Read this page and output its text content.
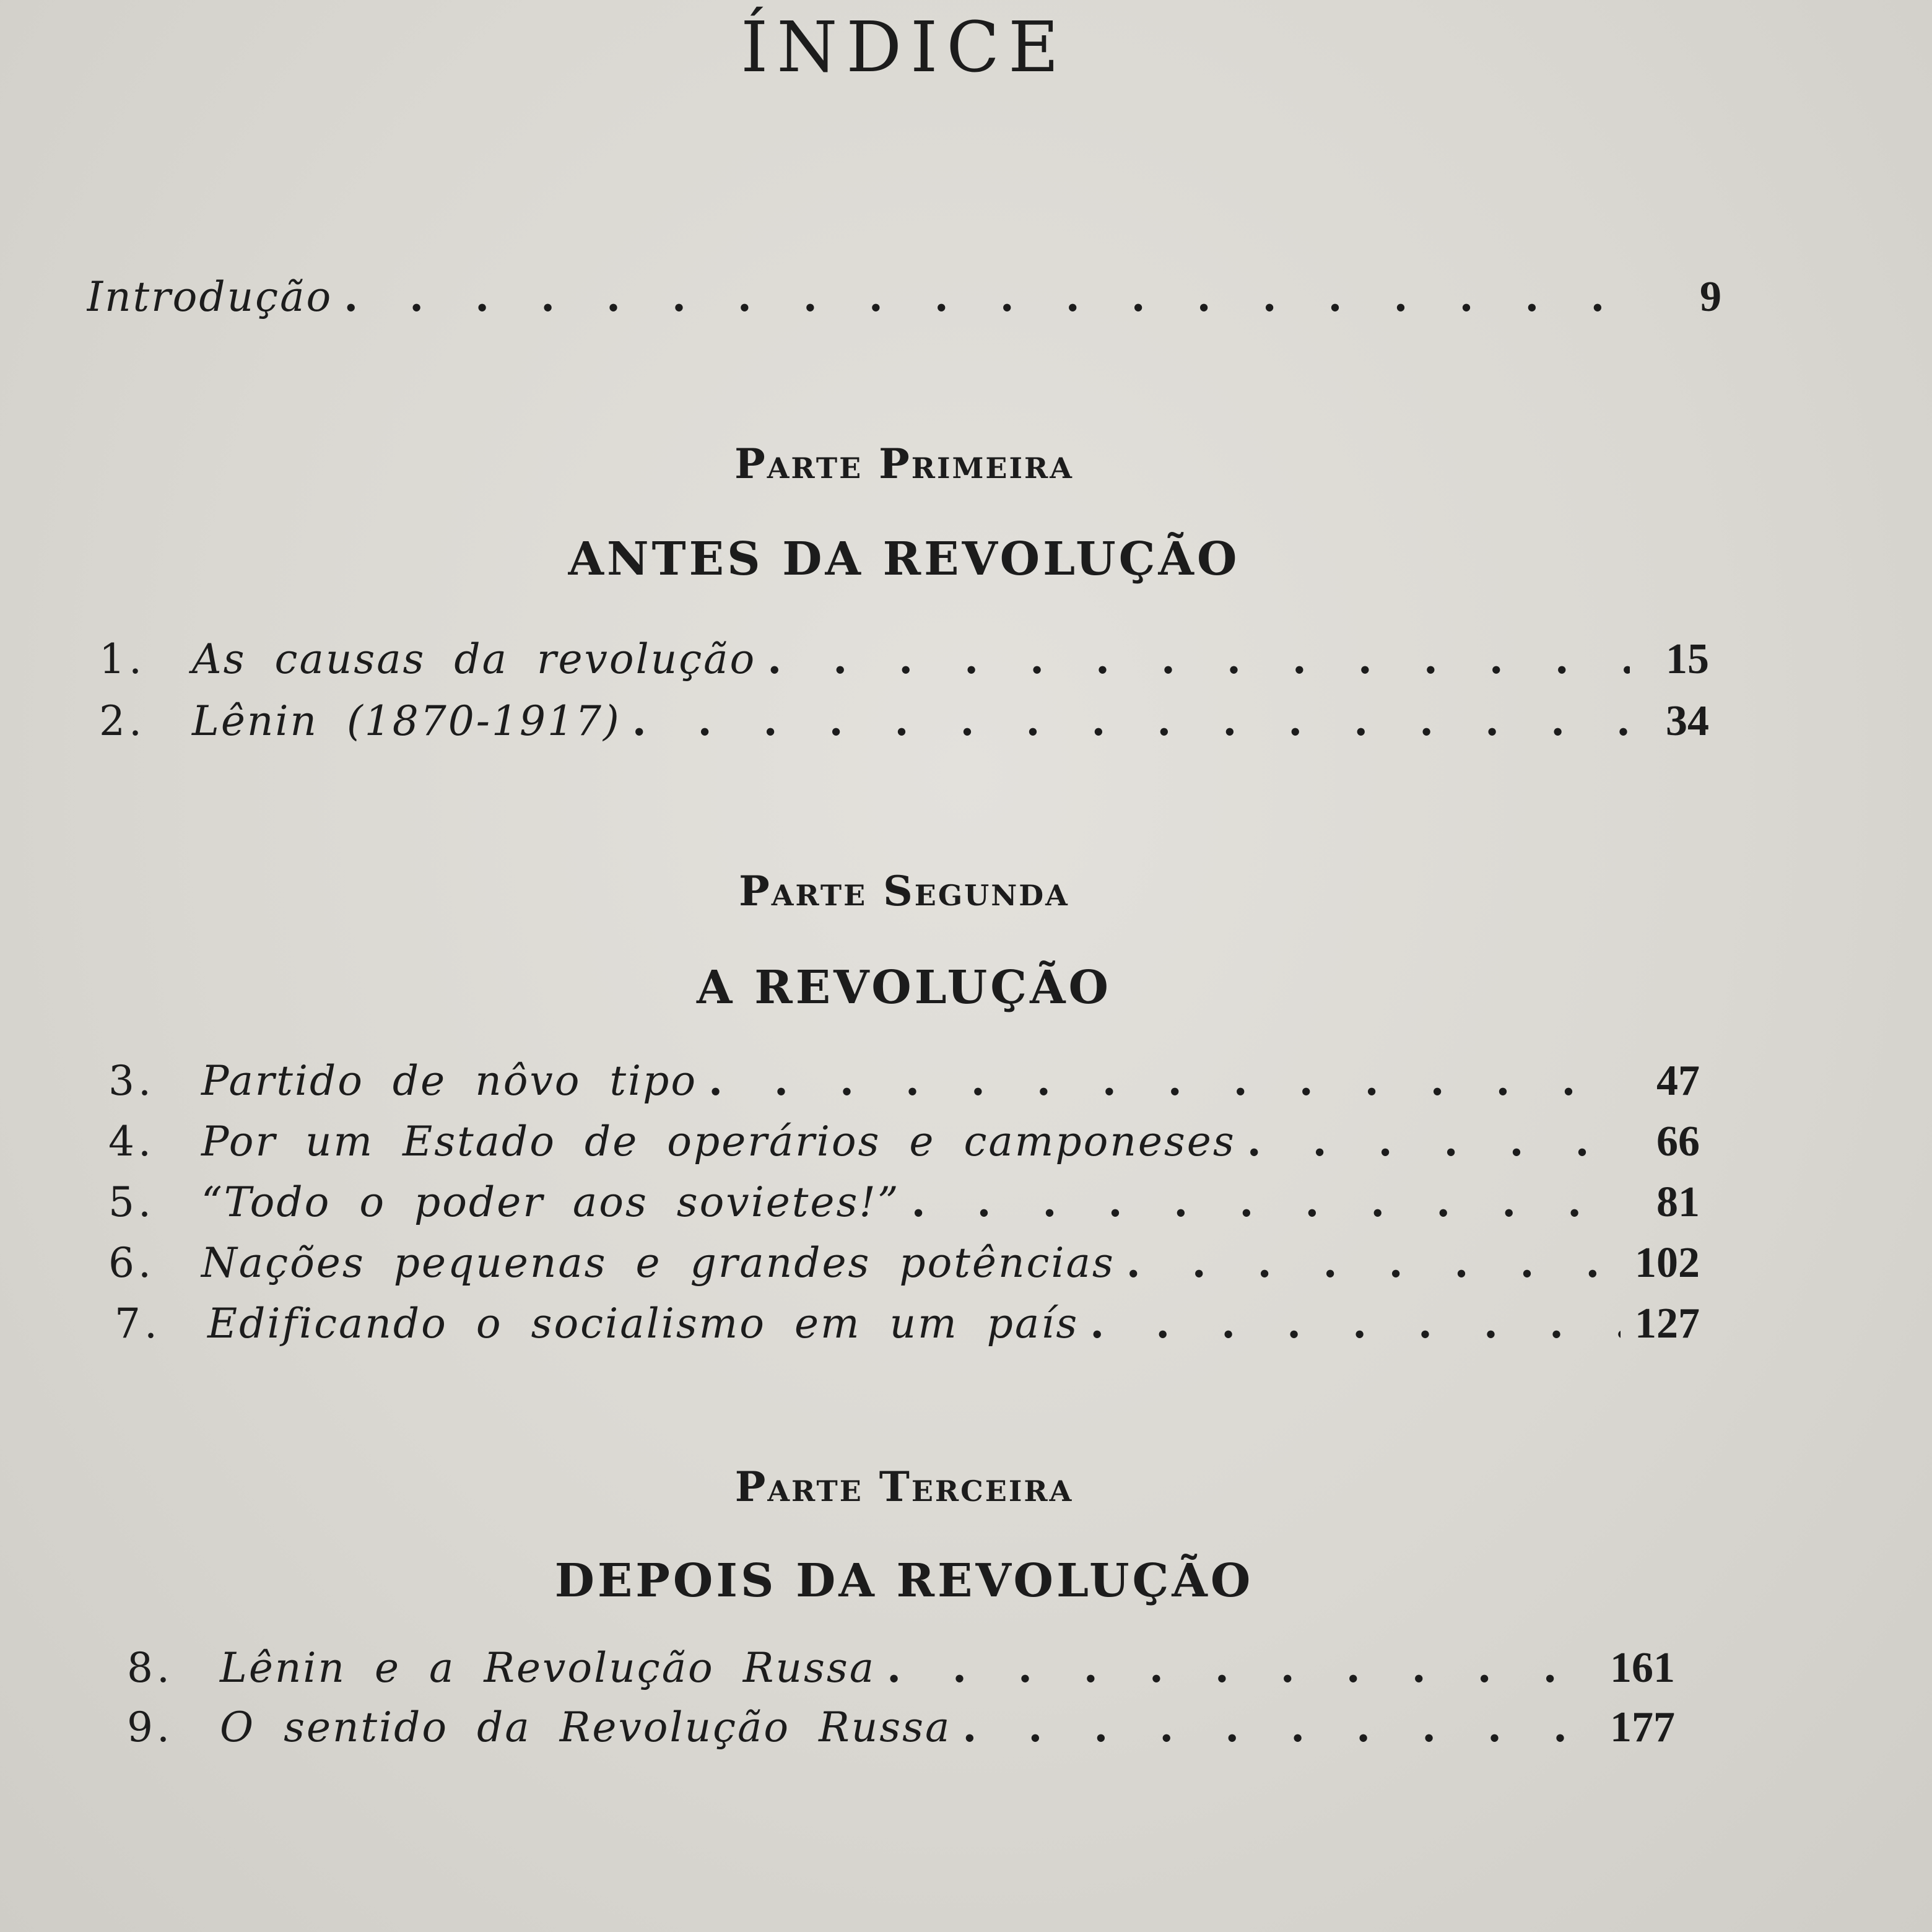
ÍNDICE
Introdução . . .	9
Parte Primeira
ANTES DA REVOLUÇÃO
1.	As causas da revolução . . .	15
2.	Lênin (1870-1917) . . .	34
Parte Segunda
A REVOLUÇÃO
3.	Partido de nôvo tipo . . .	47
4.	Por um Estado de operários e camponeses . . .	66
5.	“Todo o poder aos sovietes!” . . .	81
6.	Nações pequenas e grandes potências . . .	102
7.	Edificando o socialismo em um país . . .	127
Parte Terceira
DEPOIS DA REVOLUÇÃO
8.	Lênin e a Revolução Russa . . .	161
9.	O sentido da Revolução Russa . . .	177
